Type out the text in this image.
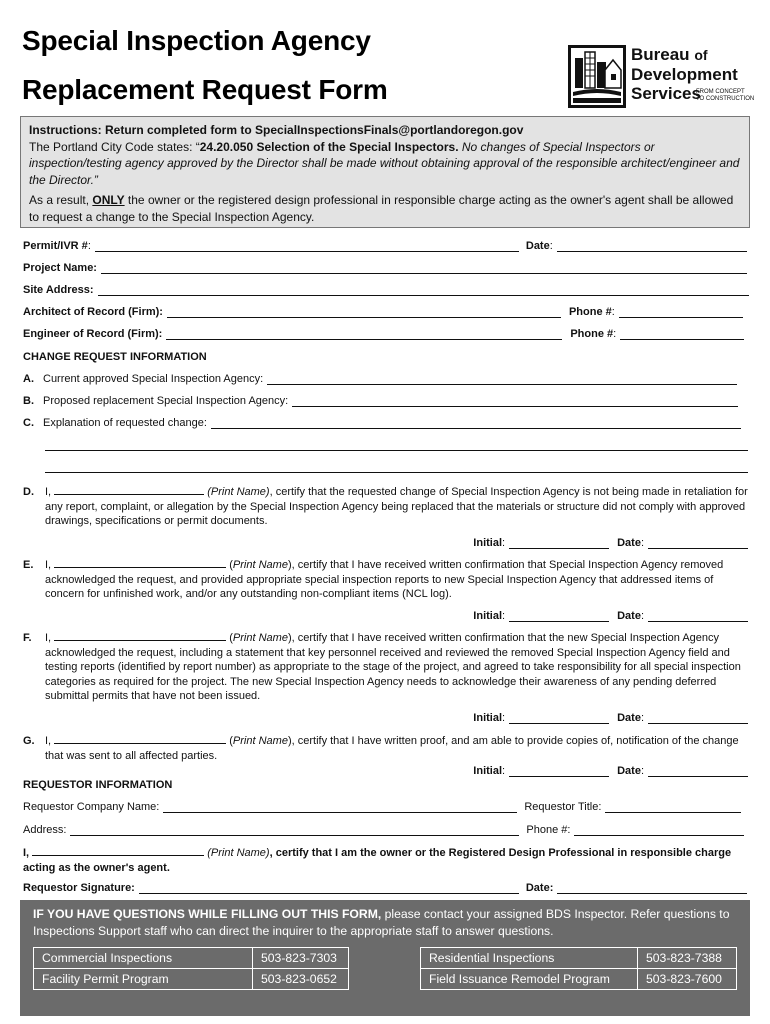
Special Inspection Agency
Replacement Request Form
Bureau of
Development
Services
FROM CONCEPT
TO CONSTRUCTION

Instructions: Return completed form to SpecialInspectionsFinals@portlandoregon.gov

The Portland City Code states: “24.20.050 Selection of the Special Inspectors. No changes of Special Inspectors or inspection/testing agency approved by the Director shall be made without obtaining approval of the responsible architect/engineer and the Director.”

As a result, ONLY the owner or the registered design professional in responsible charge acting as the owner's agent shall be allowed to request a change to the Special Inspection Agency.

Permit/IVR # :	Date :
Project Name:
Site Address:
Architect of Record (Firm):	Phone # :
Engineer of Record (Firm):	Phone # :
CHANGE REQUEST INFORMATION
A. Current approved Special Inspection Agency:
B. Proposed replacement Special Inspection Agency:
C. Explanation of requested change:
D. I,	(Print Name), certify that the requested change of Special Inspection Agency is not being made in retaliation for any report, complaint, or allegation by the Special Inspection Agency being replaced that the materials or structure did not comply with approved drawings, specifications or permit documents.
Initial :	Date :
E. I,	(Print Name), certify that I have received written confirmation that Special Inspection Agency removed acknowledged the request, and provided appropriate special inspection reports to new Special Inspection Agency that addressed items of concern for unfinished work, and/or any outstanding non-compliant items (NCL log).
Initial :	Date :
F. I,	(Print Name), certify that I have received written confirmation that the new Special Inspection Agency acknowledged the request, including a statement that key personnel received and reviewed the removed Special Inspection Agency field and testing reports (identified by report number) as appropriate to the stage of the project, and agreed to take responsibility for all special inspection categories as required for the project. The new Special Inspection Agency needs to acknowledge their awareness of any pending deferred submittal permits that have not been issued.
Initial :	Date :
G. I,	(Print Name), certify that I have written proof, and am able to provide copies of, notification of the change that was sent to all affected parties.
Initial :	Date :
REQUESTOR INFORMATION
Requestor Company Name:	Requestor Title:
Address:	Phone #:
I,	(Print Name), certify that I am the owner or the Registered Design Professional in responsible charge acting as the owner's agent.
Requestor Signature:	Date:
IF YOU HAVE QUESTIONS WHILE FILLING OUT THIS FORM, please contact your assigned BDS Inspector. Refer questions to Inspections Support staff who can direct the inquirer to the appropriate staff to answer questions.
Commercial Inspections	503-823-7303
Facility Permit Program	503-823-0652
Residential Inspections	503-823-7388
Field Issuance Remodel Program	503-823-7600
